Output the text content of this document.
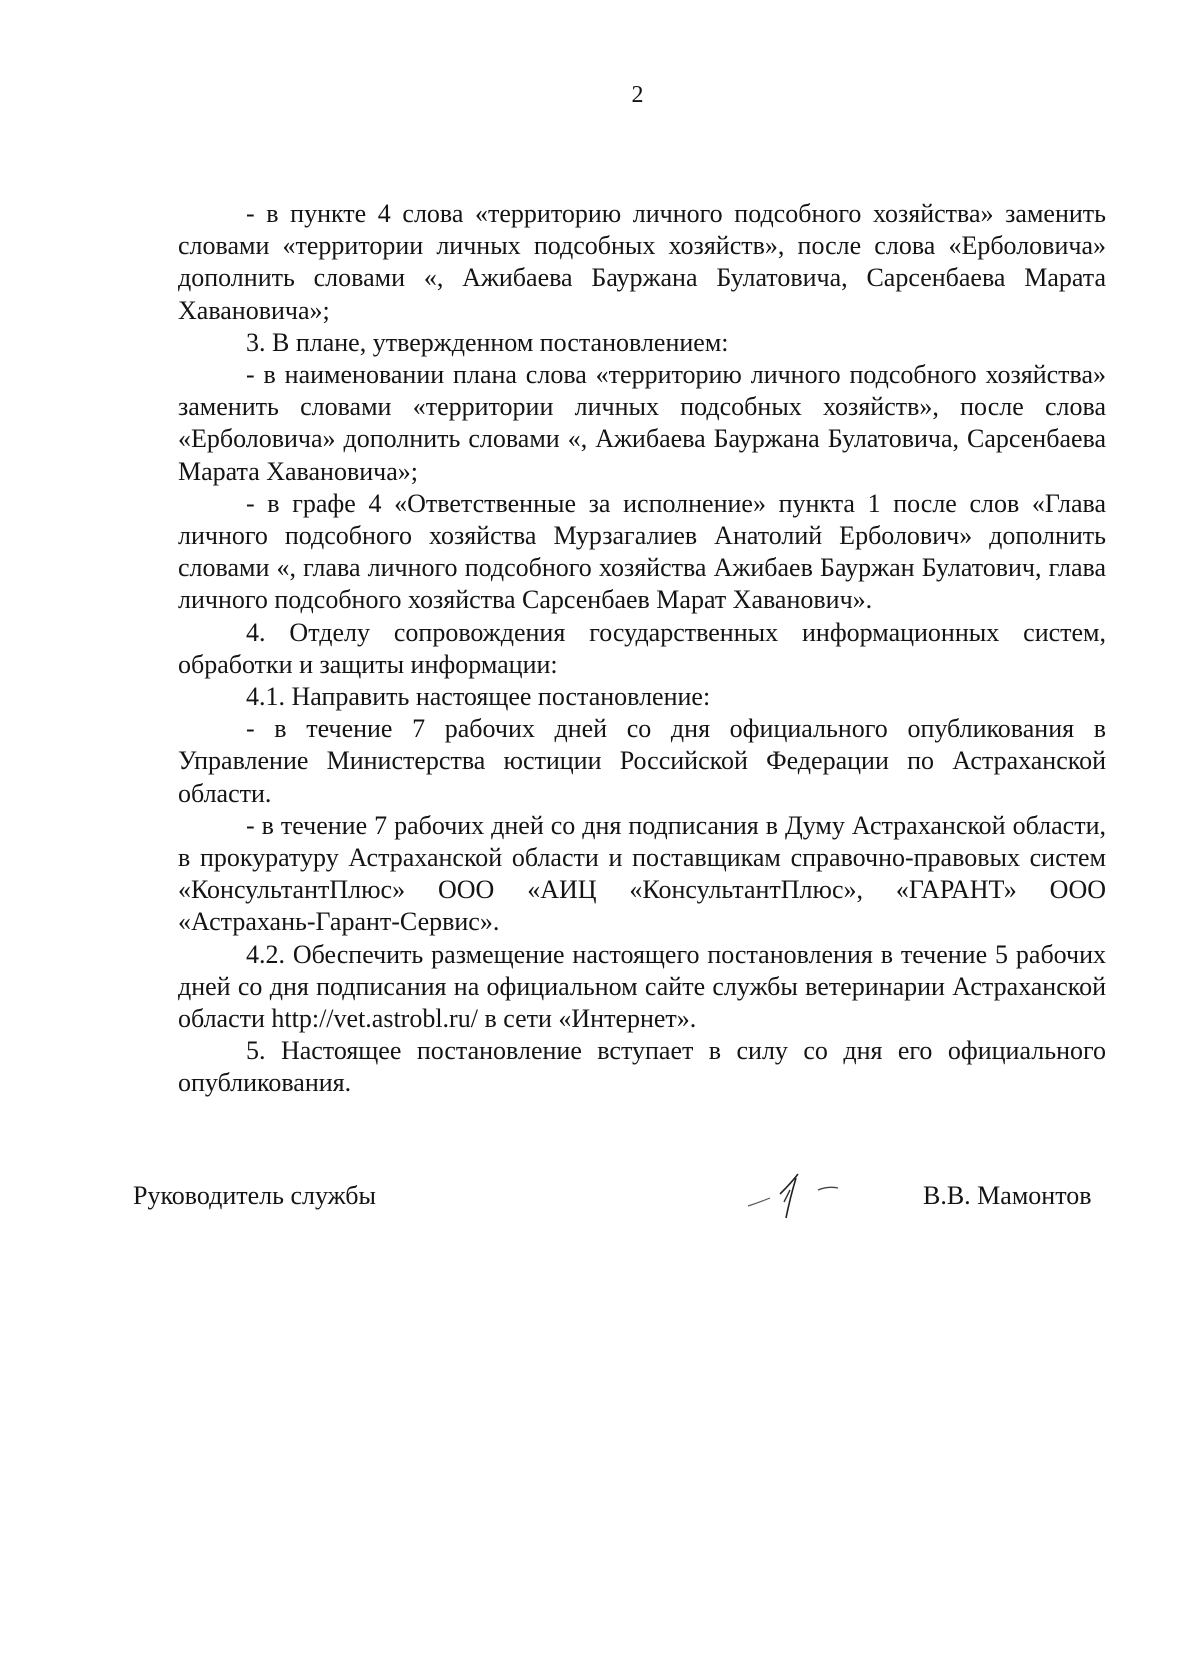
2

- в пункте 4 слова «территорию личного подсобного хозяйства» заменить словами «территории личных подсобных хозяйств», после слова «Ерболовича» дополнить словами «, Ажибаева Бауржана Булатовича, Сарсенбаева Марата Хавановича»;

3. В плане, утвержденном постановлением:

- в наименовании плана слова «территорию личного подсобного хозяйства» заменить словами «территории личных подсобных хозяйств», после слова «Ерболовича» дополнить словами «, Ажибаева Бауржана Булатовича, Сарсенбаева Марата Хавановича»;

- в графе 4 «Ответственные за исполнение» пункта 1 после слов «Глава личного подсобного хозяйства Мурзагалиев Анатолий Ерболович» дополнить словами «, глава личного подсобного хозяйства Ажибаев Бауржан Булатович, глава личного подсобного хозяйства Сарсенбаев Марат Хаванович».

4. Отделу сопровождения государственных информационных систем, обработки и защиты информации:

4.1. Направить настоящее постановление:

- в течение 7 рабочих дней со дня официального опубликования в Управление Министерства юстиции Российской Федерации по Астраханской области.

- в течение 7 рабочих дней со дня подписания в Думу Астраханской области, в прокуратуру Астраханской области и поставщикам справочно-правовых систем «КонсультантПлюс» ООО «АИЦ «КонсультантПлюс», «ГАРАНТ» ООО «Астрахань-Гарант-Сервис».

4.2. Обеспечить размещение настоящего постановления в течение 5 рабочих дней со дня подписания на официальном сайте службы ветеринарии Астраханской области http://vet.astrobl.ru/ в сети «Интернет».

5. Настоящее постановление вступает в силу со дня его официального опубликования.

Руководитель службы	В.В. Мамонтов
